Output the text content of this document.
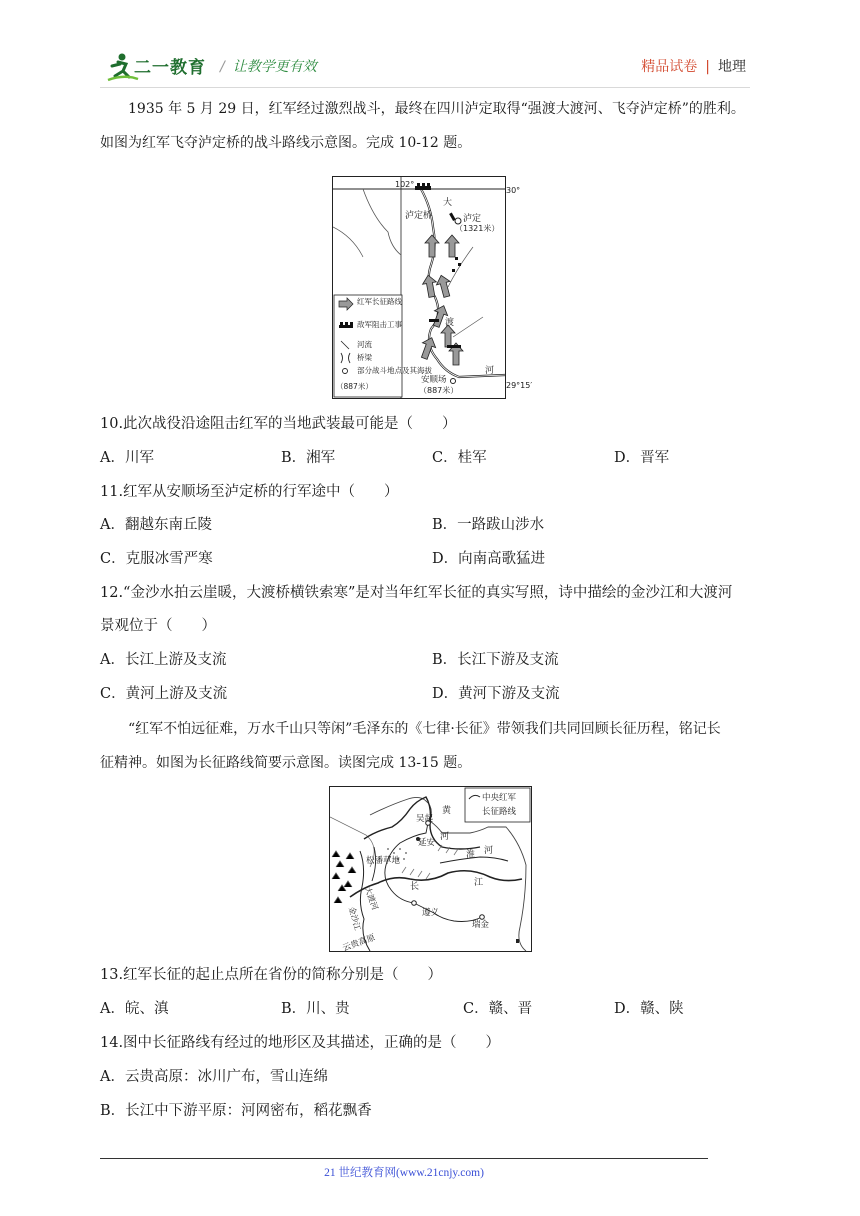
二一教育 / 让教学更有效	精品试卷 | 地理
1935 年 5 月 29 日，红军经过激烈战斗，最终在四川泸定取得“强渡大渡河、飞夺泸定桥”的胜利。
如图为红军飞夺泸定桥的战斗路线示意图。完成 10-12 题。
102°
泸定桥	泸定
（1321米）
大
渡
河
安顺场
（887米）
红军长征路线
敌军阻击工事
河流
桥梁
部分战斗地点及其海拔
（887米）
30°
29°15′
10.此次战役沿途阻击红军的当地武装最可能是（　　）
A．川军	B．湘军	C．桂军	D．晋军
11.红军从安顺场至泸定桥的行军途中（　　）
A．翻越东南丘陵	B．一路跋山涉水
C．克服冰雪严寒	D．向南高歌猛进
12.“金沙水拍云崖暖，大渡桥横铁索寒”是对当年红军长征的真实写照，诗中描绘的金沙江和大渡河
景观位于（　　）
A．长江上游及支流	B．长江下游及支流
C．黄河上游及支流	D．黄河下游及支流
“红军不怕远征难，万水千山只等闲”毛泽东的《七律·长征》带领我们共同回顾长征历程，铭记长
征精神。如图为长征路线简要示意图。读图完成 13-15 题。
中央红军
长征路线
吴起
延安
黄
河
淮 河
松潘草地
长	江
遵义
瑞金
云贵高原
大渡河
金沙江
13.红军长征的起止点所在省份的简称分别是（　　）
A．皖、滇	B．川、贵	C．赣、晋	D．赣、陕
14.图中长征路线有经过的地形区及其描述，正确的是（　　）
A．云贵高原：冰川广布，雪山连绵
B．长江中下游平原：河网密布，稻花飘香
21 世纪教育网(www.21cnjy.com)
